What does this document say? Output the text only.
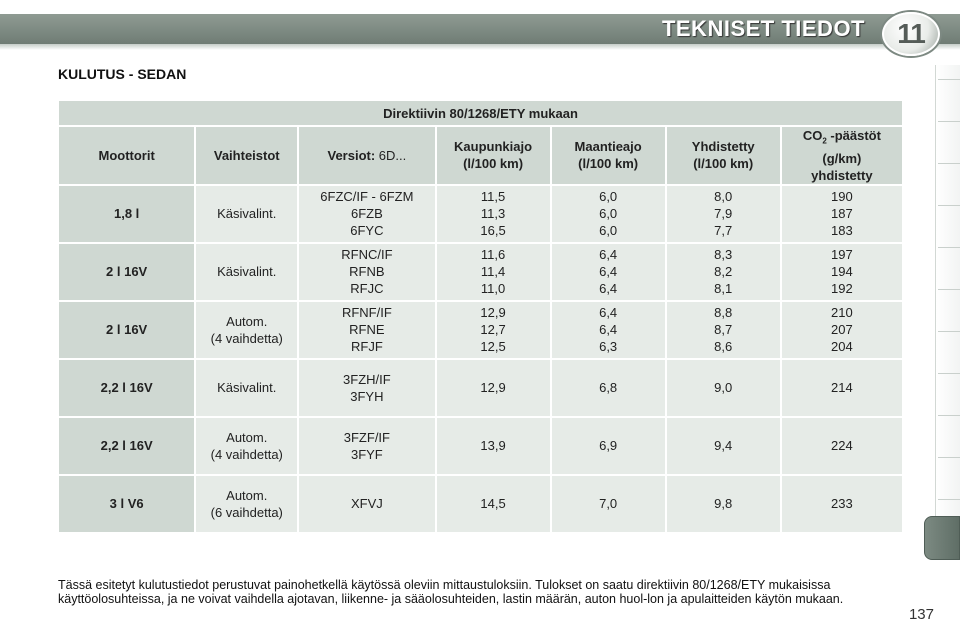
TEKNISET TIEDOT 11
KULUTUS - SEDAN
Direktiivin 80/1268/ETY mukaan						
Moottorit	Vaihteistot	Versiot: 6D...	Kaupunkiajo
(l/100 km)	Maantieajo
(l/100 km)	Yhdistetty
(l/100 km)	$CO_2$ -päästöt
(g/km)
yhdistetty

1,8 l	Käsivalint.	6FZC/IF - 6FZM
6FZB
6FYC	11,5
11,3
16,5	6,0
6,0
6,0	8,0
7,9
7,7	190
187
183

2 l 16V	Käsivalint.	RFNC/IF
RFNB
RFJC	11,6
11,4
11,0	6,4
6,4
6,4	8,3
8,2
8,1	197
194
192

2 l 16V	Autom.
(4 vaihdetta)	RFNF/IF
RFNE
RFJF	12,9
12,7
12,5	6,4
6,4
6,3	8,8
8,7
8,6	210
207
204

2,2 l 16V	Käsivalint.	3FZH/IF
3FYH	12,9	6,8	9,0	214

2,2 l 16V	Autom.
(4 vaihdetta)	3FZF/IF
3FYF	13,9	6,9	9,4	224

3 l V6	Autom.
(6 vaihdetta)	XFVJ	14,5	7,0	9,8	233
Tässä esitetyt kulutustiedot perustuvat painohetkellä käytössä oleviin mittaustuloksiin. Tulokset on saatu direktiivin 80/1268/ETY mukaisissa käyttöolosuhteissa, ja ne voivat vaihdella ajotavan, liikenne- ja sääolosuhteiden, lastin määrän, auton huol-lon ja apulaitteiden käytön mukaan.
137
